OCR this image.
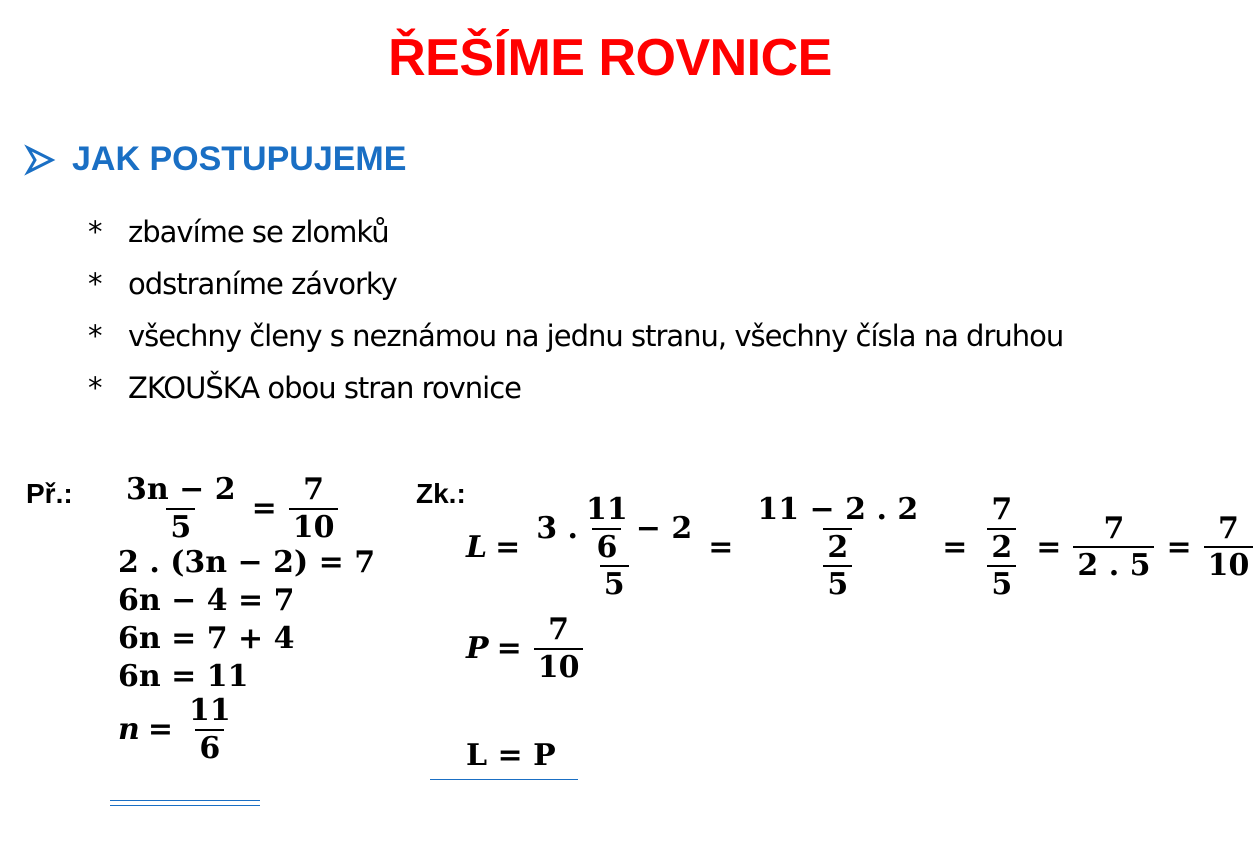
ŘEŠÍME ROVNICE
JAK POSTUPUJEME
* zbavíme se zlomků
* odstraníme závorky
* všechny členy s neznámou na jednu stranu, všechny čísla na druhou
* ZKOUŠKA obou stran rovnice
Př.: $\frac{3n - 2}{5} = \frac{7}{10}$
2 . (3n − 2) = 7
6n − 4 = 7
6n = 7 + 4
6n = 11
$n = \frac{11}{6}$
Zk.:
$L = \frac{3 . \frac{11}{6} - 2}{5} = \frac{\frac{11 - 2 . 2}{2}}{5} = \frac{\frac{7}{2}}{5} = \frac{7}{2 . 5} = \frac{7}{10}$
$P = \frac{7}{10}$
L = P
